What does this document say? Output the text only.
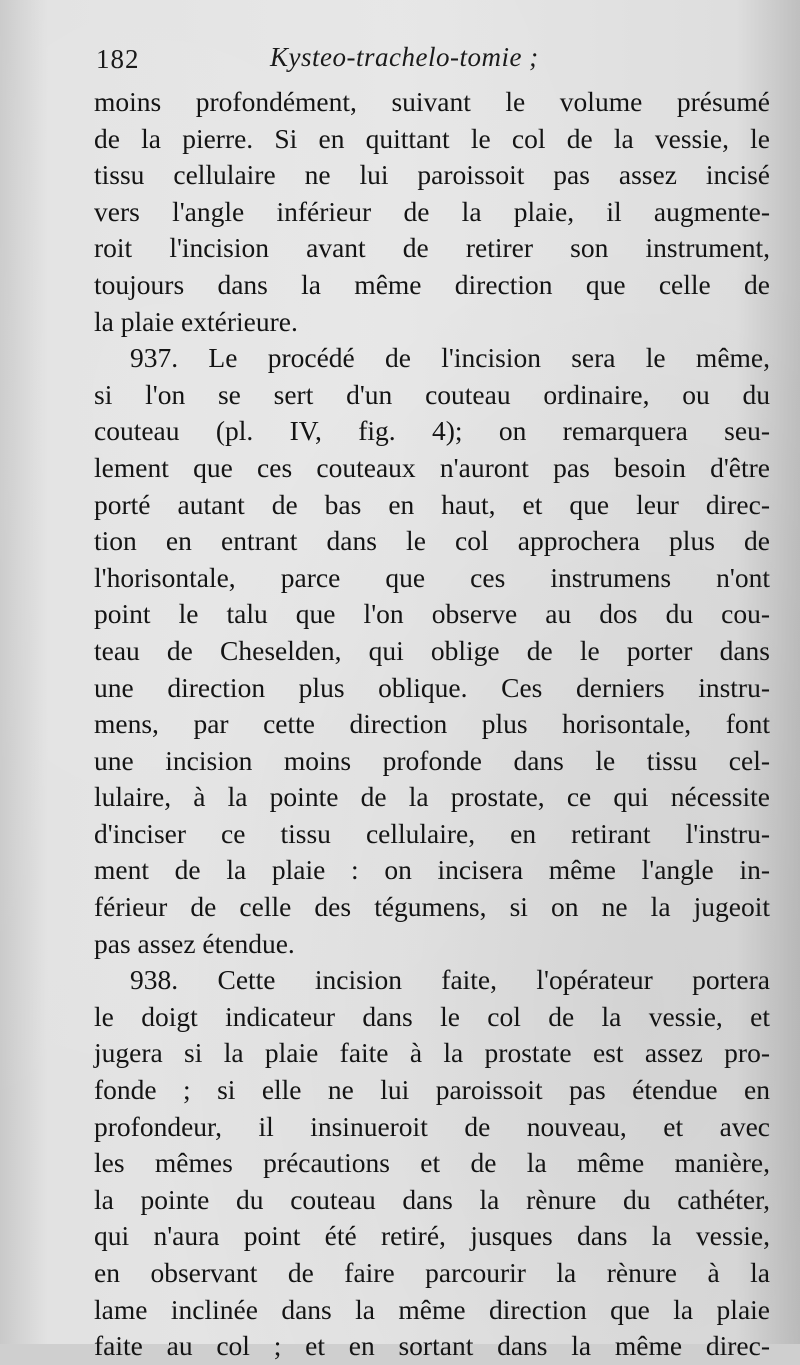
182	Kysteo-trachelo-tomie ;
moins profondément, suivant le volume présumé
de la pierre. Si en quittant le col de la vessie, le
tissu cellulaire ne lui paroissoit pas assez incisé
vers l'angle inférieur de la plaie, il augmente-
roit l'incision avant de retirer son instrument,
toujours dans la même direction que celle de
la plaie extérieure.
937. Le procédé de l'incision sera le même,
si l'on se sert d'un couteau ordinaire, ou du
couteau (pl. IV, fig. 4); on remarquera seu-
lement que ces couteaux n'auront pas besoin d'être
porté autant de bas en haut, et que leur direc-
tion en entrant dans le col approchera plus de
l'horisontale, parce que ces instrumens n'ont
point le talu que l'on observe au dos du cou-
teau de Cheselden, qui oblige de le porter dans
une direction plus oblique. Ces derniers instru-
mens, par cette direction plus horisontale, font
une incision moins profonde dans le tissu cel-
lulaire, à la pointe de la prostate, ce qui nécessite
d'inciser ce tissu cellulaire, en retirant l'instru-
ment de la plaie : on incisera même l'angle in-
férieur de celle des tégumens, si on ne la jugeoit
pas assez étendue.
938. Cette incision faite, l'opérateur portera
le doigt indicateur dans le col de la vessie, et
jugera si la plaie faite à la prostate est assez pro-
fonde ; si elle ne lui paroissoit pas étendue en
profondeur, il insinueroit de nouveau, et avec
les mêmes précautions et de la même manière,
la pointe du couteau dans la rènure du cathéter,
qui n'aura point été retiré, jusques dans la vessie,
en observant de faire parcourir la rènure à la
lame inclinée dans la même direction que la plaie
faite au col ; et en sortant dans la même direc-
